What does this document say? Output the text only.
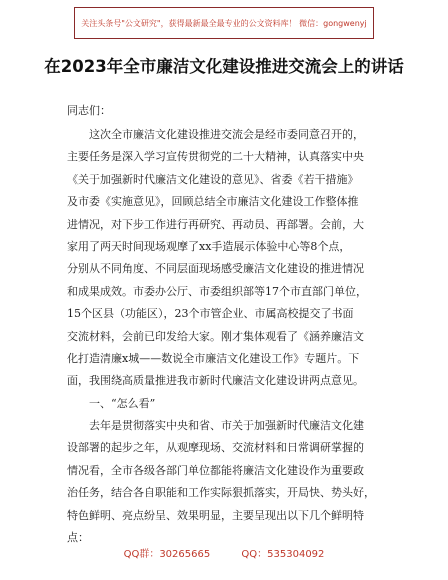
关注头条号"公文研究"，获得最新最全最专业的公文资料库！ 微信：gongwenyj
在2023年全市廉洁文化建设推进交流会上的讲话
同志们：
这次全市廉洁文化建设推进交流会是经市委同意召开的，
主要任务是深入学习宣传贯彻党的二十大精神，认真落实中央
《关于加强新时代廉洁文化建设的意见》、省委《若干措施》
及市委《实施意见》，回顾总结全市廉洁文化建设工作整体推
进情况，对下步工作进行再研究、再动员、再部署。会前，大
家用了两天时间现场观摩了xx手造展示体验中心等8个点，
分别从不同角度、不同层面现场感受廉洁文化建设的推进情况
和成果成效。市委办公厅、市委组织部等17个市直部门单位，
15个区县（功能区），23个市管企业、市属高校提交了书面
交流材料，会前已印发给大家。刚才集体观看了《涵养廉洁文
化打造清廉x城——数说全市廉洁文化建设工作》专题片。下
面，我围绕高质量推进我市新时代廉洁文化建设讲两点意见。
一、“怎么看”
去年是贯彻落实中央和省、市关于加强新时代廉洁文化建
设部署的起步之年，从观摩现场、交流材料和日常调研掌握的
情况看，全市各级各部门单位都能将廉洁文化建设作为重要政
治任务，结合各自职能和工作实际狠抓落实，开局快、势头好，
特色鲜明、亮点纷呈、效果明显，主要呈现出以下几个鲜明特
点：
QQ群：30265665	QQ：535304092
